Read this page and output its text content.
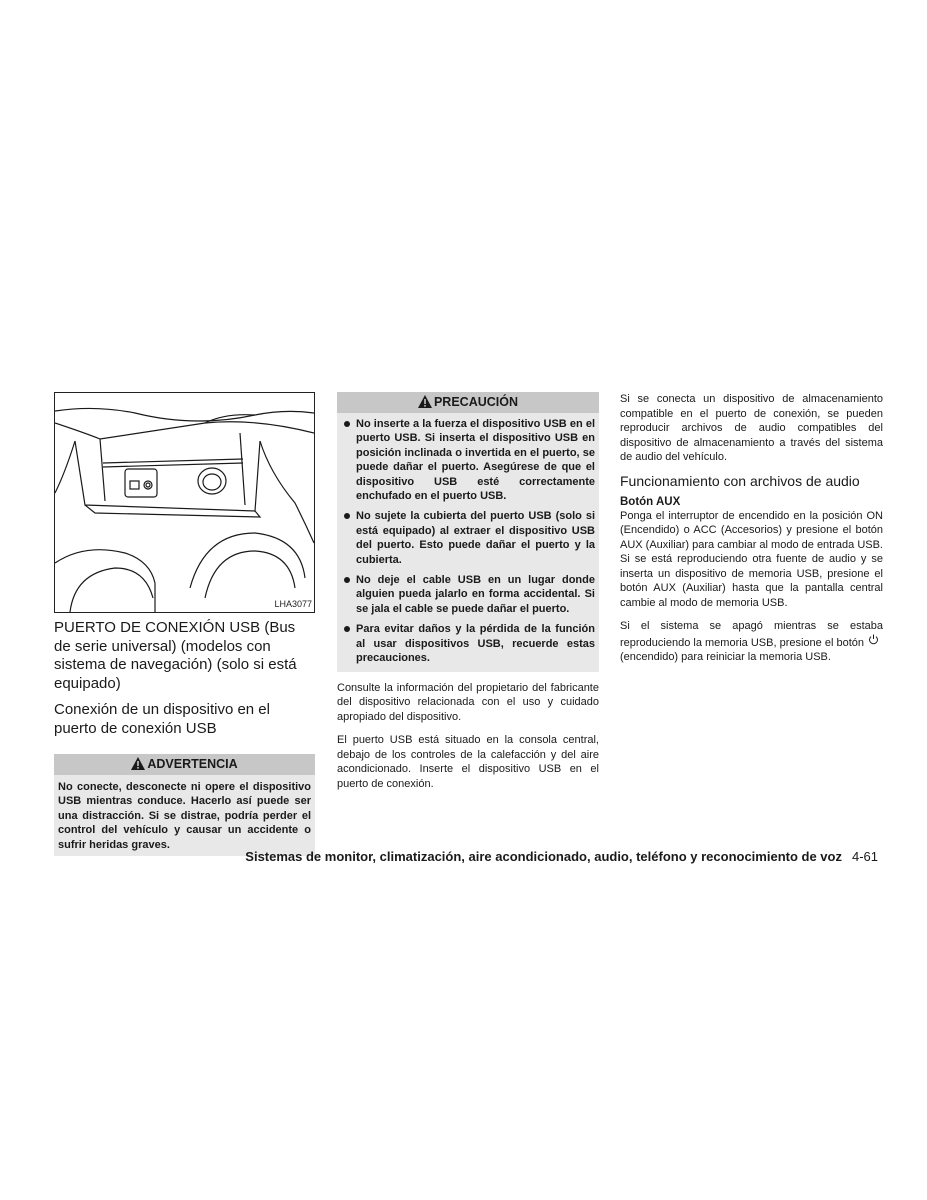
LHA3077
PUERTO DE CONEXIÓN USB (Bus de serie universal) (modelos con sistema de navegación) (solo si está equipado)
Conexión de un dispositivo en el puerto de conexión USB
ADVERTENCIA
No conecte, desconecte ni opere el dispositivo USB mientras conduce. Hacerlo así puede ser una distracción. Si se distrae, podría perder el control del vehículo y causar un accidente o sufrir heridas graves.
PRECAUCIÓN
No inserte a la fuerza el dispositivo USB en el puerto USB. Si inserta el dispositivo USB en posición inclinada o invertida en el puerto, se puede dañar el puerto. Asegúrese de que el dispositivo USB esté correctamente enchufado en el puerto USB.
No sujete la cubierta del puerto USB (solo si está equipado) al extraer el dispositivo USB del puerto. Esto puede dañar el puerto y la cubierta.
No deje el cable USB en un lugar donde alguien pueda jalarlo en forma accidental. Si se jala el cable se puede dañar el puerto.
Para evitar daños y la pérdida de la función al usar dispositivos USB, recuerde estas precauciones.

Consulte la información del propietario del fabricante del dispositivo relacionada con el uso y cuidado apropiado del dispositivo.

El puerto USB está situado en la consola central, debajo de los controles de la calefacción y del aire acondicionado. Inserte el dispositivo USB en el puerto de conexión.

Si se conecta un dispositivo de almacenamiento compatible en el puerto de conexión, se pueden reproducir archivos de audio compatibles del dispositivo de almacenamiento a través del sistema de audio del vehículo.

Funcionamiento con archivos de audio
Botón AUX

Ponga el interruptor de encendido en la posición ON (Encendido) o ACC (Accesorios) y presione el botón AUX (Auxiliar) para cambiar al modo de entrada USB. Si se está reproduciendo otra fuente de audio y se inserta un dispositivo de memoria USB, presione el botón AUX (Auxiliar) hasta que la pantalla central cambie al modo de memoria USB.

Si el sistema se apagó mientras se estaba reproduciendo la memoria USB, presione el botón(encendido) para reiniciar la memoria USB.

Sistemas de monitor, climatización, aire acondicionado, audio, teléfono y reconocimiento de voz 4-61
